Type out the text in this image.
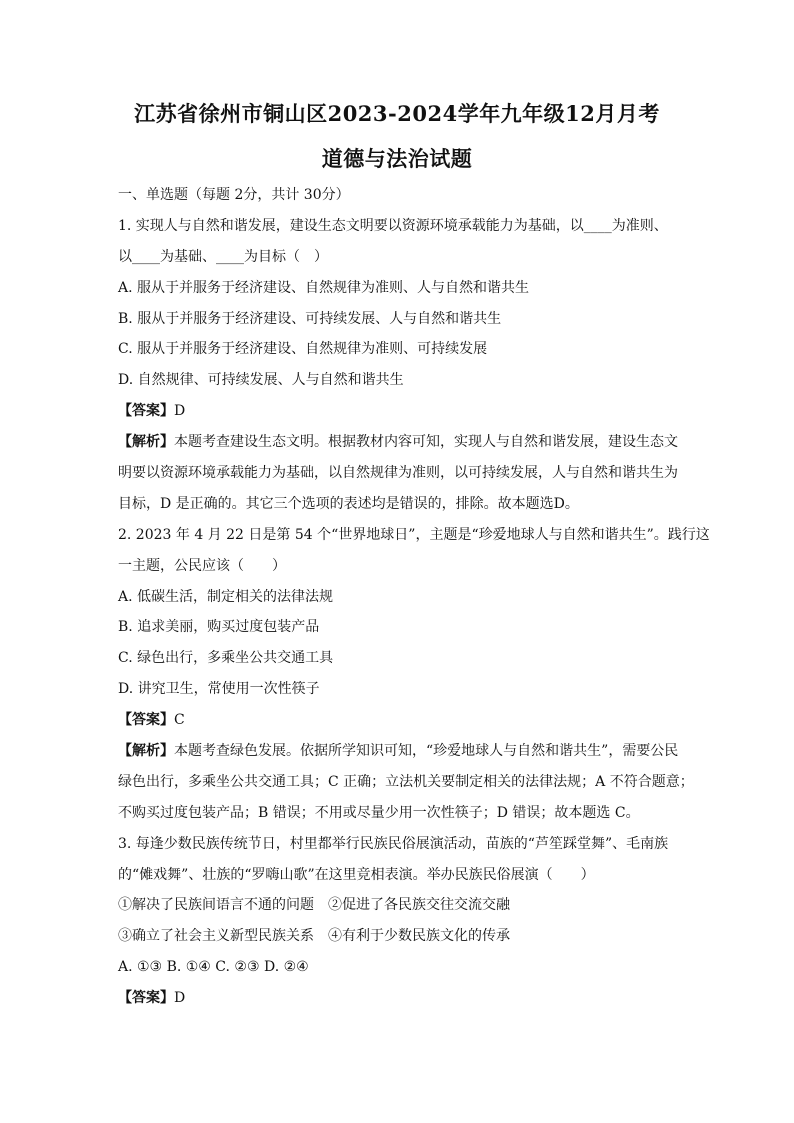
江苏省徐州市铜山区2023-2024学年九年级12月月考
道德与法治试题
一、单选题（每题 2分，共计 30分）
1. 实现人与自然和谐发展，建设生态文明要以资源环境承载能力为基础，以____为准则、
以____为基础、____为目标（　）
A. 服从于并服务于经济建设、自然规律为准则、人与自然和谐共生
B. 服从于并服务于经济建设、可持续发展、人与自然和谐共生
C. 服从于并服务于经济建设、自然规律为准则、可持续发展
D. 自然规律、可持续发展、人与自然和谐共生
【答案】D
【解析】本题考查建设生态文明。根据教材内容可知，实现人与自然和谐发展，建设生态文
明要以资源环境承载能力为基础，以自然规律为准则，以可持续发展，人与自然和谐共生为
目标，D 是正确的。其它三个选项的表述均是错误的，排除。故本题选D。
2. 2023 年 4 月 22 日是第 54 个“世界地球日”，主题是“珍爱地球人与自然和谐共生”。践行这
一主题，公民应该（　　）
A. 低碳生活，制定相关的法律法规
B. 追求美丽，购买过度包装产品
C. 绿色出行，多乘坐公共交通工具
D. 讲究卫生，常使用一次性筷子
【答案】C
【解析】本题考查绿色发展。依据所学知识可知，“珍爱地球人与自然和谐共生”，需要公民
绿色出行，多乘坐公共交通工具；C 正确；立法机关要制定相关的法律法规；A 不符合题意；
不购买过度包装产品；B 错误；不用或尽量少用一次性筷子；D 错误；故本题选 C。
3. 每逢少数民族传统节日，村里都举行民族民俗展演活动，苗族的“芦笙踩堂舞”、毛南族
的“傩戏舞”、壮族的“罗嗨山歌”在这里竞相表演。举办民族民俗展演（　　）
①解决了民族间语言不通的问题　②促进了各民族交往交流交融
③确立了社会主义新型民族关系　④有利于少数民族文化的传承
A. ①③ B. ①④ C. ②③ D. ②④
【答案】D
